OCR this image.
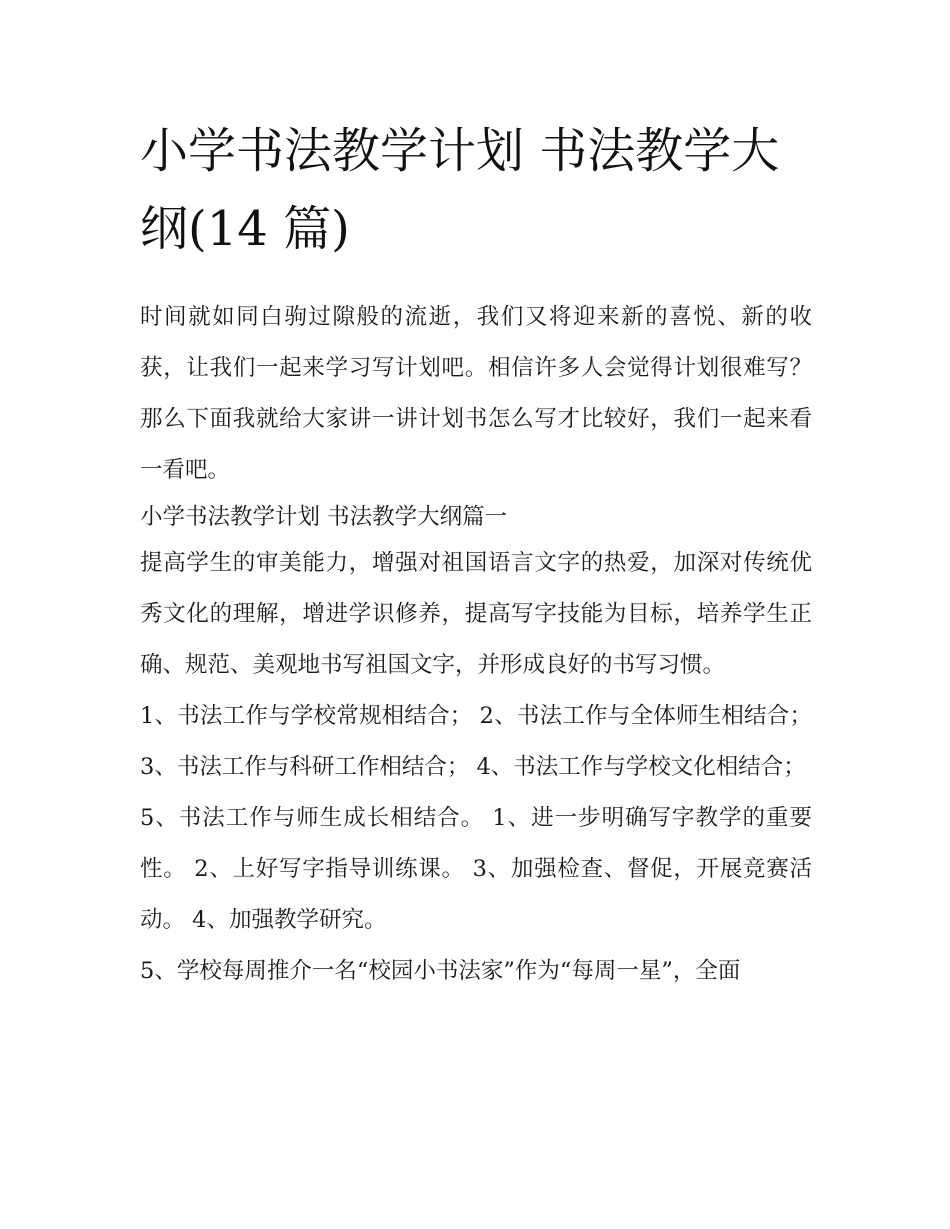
小学书法教学计划 书法教学大纲(14 篇)

时间就如同白驹过隙般的流逝，我们又将迎来新的喜悦、新的收获，让我们一起来学习写计划吧。相信许多人会觉得计划很难写？那么下面我就给大家讲一讲计划书怎么写才比较好，我们一起来看一看吧。

小学书法教学计划 书法教学大纲篇一

提高学生的审美能力，增强对祖国语言文字的热爱，加深对传统优秀文化的理解，增进学识修养，提高写字技能为目标，培养学生正确、规范、美观地书写祖国文字，并形成良好的书写习惯。

1、书法工作与学校常规相结合； 2、书法工作与全体师生相结合； 3、书法工作与科研工作相结合； 4、书法工作与学校文化相结合；

5、书法工作与师生成长相结合。 1、进一步明确写字教学的重要性。 2、上好写字指导训练课。 3、加强检查、督促，开展竞赛活动。 4、加强教学研究。

5、学校每周推介一名“校园小书法家”作为“每周一星”，全面
